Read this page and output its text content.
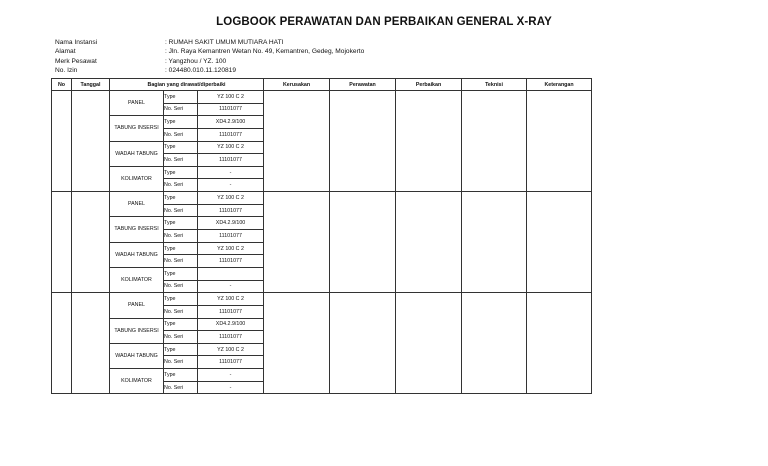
LOGBOOK PERAWATAN DAN PERBAIKAN GENERAL X-RAY
Nama Instansi	: RUMAH SAKIT UMUM MUTIARA HATI
Alamat	: Jln. Raya Kemantren Wetan No. 49, Kemantren, Gedeg, Mojokerto
Merk Pesawat	: Yangzhou / YZ. 100
No. Izin	: 024480.010.11.120819
No	Tanggal	Bagian yang dirawat/diperbaiki			Kerusakan	Perawatan	Perbaikan	Teknisi	Keterangan
		PANEL	Type	YZ 100 C 2					
			No. Seri	11101077					
		TABUNG INSERSI	Type	XD4.2.9/100					
			No. Seri	11101077					
		WADAH TABUNG	Type	YZ 100 C 2					
			No. Seri	11101077					
		KOLIMATOR	Type	-					
			No. Seri	-					
		PANEL	Type	YZ 100 C 2					
			No. Seri	11101077					
		TABUNG INSERSI	Type	XD4.2.9/100					
			No. Seri	11101077					
		WADAH TABUNG	Type	YZ 100 C 2					
			No. Seri	11101077					
		KOLIMATOR	Type						
			No. Seri	-					
		PANEL	Type	YZ 100 C 2					
			No. Seri	11101077					
		TABUNG INSERSI	Type	XD4.2.9/100					
			No. Seri	11101077					
		WADAH TABUNG	Type	YZ 100 C 2					
			No. Seri	11101077					
		KOLIMATOR	Type	-					
			No. Seri	-					
